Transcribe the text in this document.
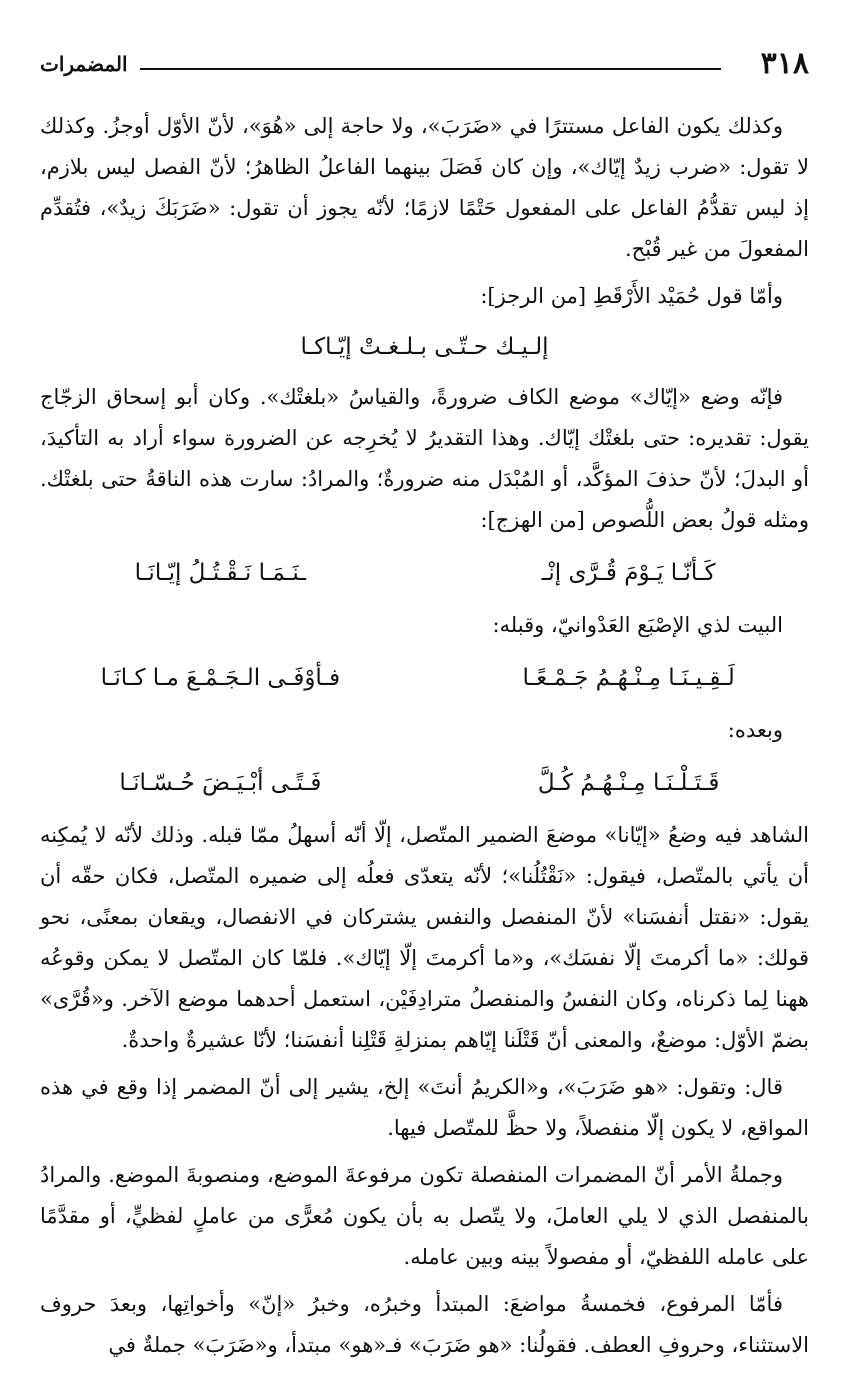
٣١٨
المضمرات

وكذلك يكون الفاعل مستترًا في «ضَرَبَ»، ولا حاجة إلى «هُوَ»، لأنّ الأوّل أوجزُ. وكذلك لا تقول: «ضرب زيدٌ إيّاك»، وإن كان فَصَلَ بينهما الفاعلُ الظاهرُ؛ لأنّ الفصل ليس بلازم، إذ ليس تقدُّمُ الفاعل على المفعول حَتْمًا لازمًا؛ لأنّه يجوز أن تقول: «ضَرَبَكَ زيدٌ»، فتُقدِّم المفعولَ من غير قُبْح.

وأمّا قول حُمَيْد الأَرْقَطِ [من الرجز]:

إلـيـك حـتّـى بـلـغـتْ إيّـاكـا

فإنّه وضع «إيّاك» موضع الكاف ضرورةً، والقياسُ «بلغتْك». وكان أبو إسحاق الزجّاج يقول: تقديره: حتى بلغتْك إيّاك. وهذا التقديرُ لا يُخرِجه عن الضرورة سواء أراد به التأكيدَ، أو البدلَ؛ لأنّ حذفَ المؤكَّد، أو المُبْدَل منه ضرورةٌ؛ والمرادُ: سارت هذه الناقةُ حتى بلغتْك. ومثله قولُ بعض اللُّصوص [من الهزج]:

كَـأنّـا يَـوْمَ قُـرَّى إنْـ
ـنَـمَـا نَـقْـتُـلُ إيّـانَـا

البيت لذي الإصْبَع العَدْوانيّ، وقبله:

لَـقِـيـنَـا مِـنْـهُـمُ جَـمْـعًـا
فـأوْفَـى الـجَـمْـعَ مـا كـانَـا

وبعده:

قَـتَـلْـنَـا مِـنْـهُـمُ كُـلَّ
فَـتًـى أبْـيَـضَ حُـسّـانَـا

الشاهد فيه وضعُ «إيّانا» موضعَ الضمير المتّصل، إلّا أنّه أسهلُ ممّا قبله. وذلك لأنّه لا يُمكِنه أن يأتي بالمتّصل، فيقول: «نَقْتُلُنا»؛ لأنّه يتعدّى فعلُه إلى ضميره المتّصل، فكان حقّه أن يقول: «نقتل أنفسَنا» لأنّ المنفصل والنفس يشتركان في الانفصال، ويقعان بمعنًى، نحو قولك: «ما أكرمتَ إلّا نفسَك»، و«ما أكرمتَ إلّا إيّاك». فلمّا كان المتّصل لا يمكن وقوعُه ههنا لِما ذكرناه، وكان النفسُ والمنفصلُ مترادِفَيْن، استعمل أحدهما موضع الآخر. و«قُرَّى» بضمّ الأوّل: موضعٌ، والمعنى أنّ قَتْلَنا إيّاهم بمنزلةِ قَتْلِنا أنفسَنا؛ لأنّا عشيرةٌ واحدةٌ.

قال: وتقول: «هو ضَرَبَ»، و«الكريمُ أنتَ» إلخ، يشير إلى أنّ المضمر إذا وقع في هذه المواقع، لا يكون إلّا منفصلاً، ولا حظَّ للمتّصل فيها.

وجملةُ الأمر أنّ المضمرات المنفصلة تكون مرفوعةَ الموضع، ومنصوبةَ الموضع. والمرادُ بالمنفصل الذي لا يلي العاملَ، ولا يتّصل به بأن يكون مُعرًّى من عاملٍ لفظيٍّ، أو مقدَّمًا على عامله اللفظيّ، أو مفصولاً بينه وبين عامله.

فأمّا المرفوع، فخمسةُ مواضعَ: المبتدأ وخبرُه، وخبرُ «إنّ» وأخواتِها، وبعدَ حروف الاستثناء، وحروفِ العطف. فقولُنا: «هو ضَرَبَ» فـ«هو» مبتدأ، و«ضَرَبَ» جملةٌ في
